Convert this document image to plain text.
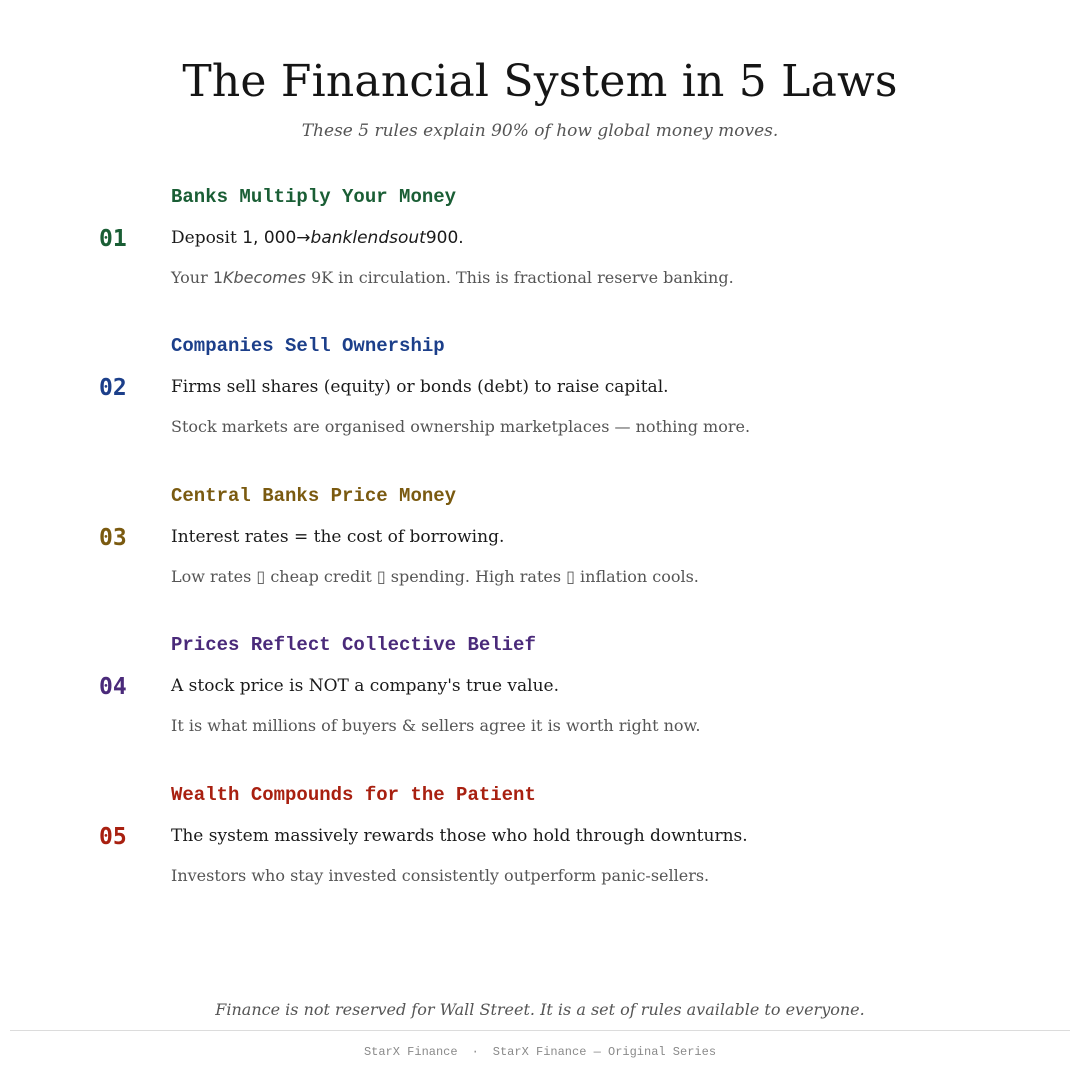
The Financial System in 5 Laws
These 5 rules explain 90% of how global money moves.
Banks Multiply Your Money
01	Deposit 1, 000→banklendsout900.
Your 1Kbecomes 9K in circulation. This is fractional reserve banking.
Companies Sell Ownership
02	Firms sell shares (equity) or bonds (debt) to raise capital.
Stock markets are organised ownership marketplaces — nothing more.
Central Banks Price Money
03	Interest rates = the cost of borrowing.
Low rates ▯ cheap credit ▯ spending. High rates ▯ inflation cools.
Prices Reflect Collective Belief
04	A stock price is NOT a company's true value.
It is what millions of buyers & sellers agree it is worth right now.
Wealth Compounds for the Patient
05	The system massively rewards those who hold through downturns.
Investors who stay invested consistently outperform panic-sellers.
Finance is not reserved for Wall Street. It is a set of rules available to everyone.
StarX Finance · StarX Finance — Original Series
